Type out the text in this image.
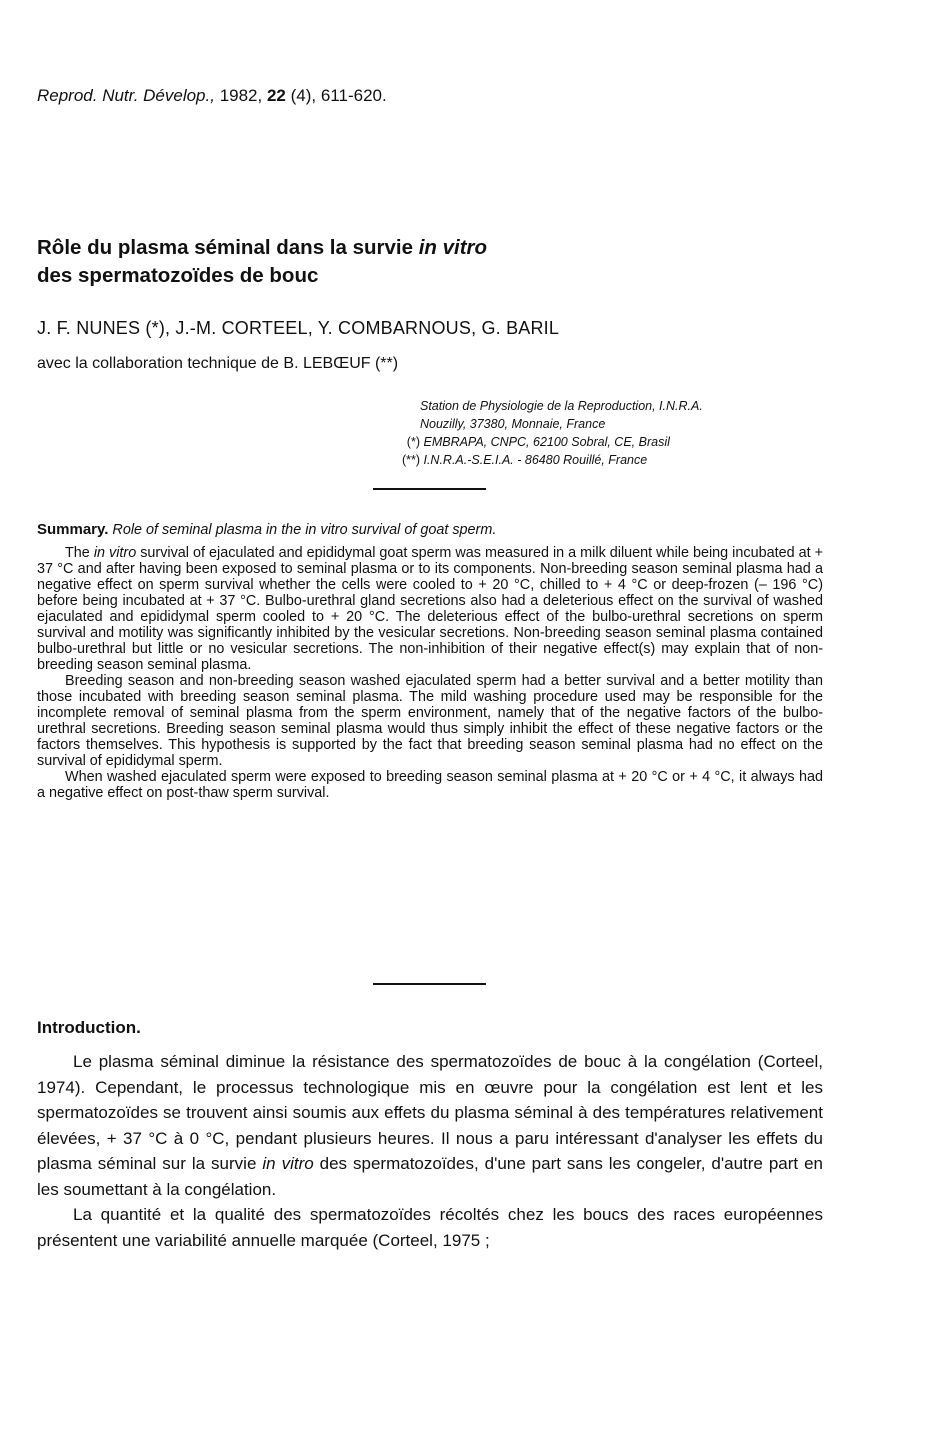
Reprod. Nutr. Dévelop., 1982, 22 (4), 611-620.
Rôle du plasma séminal dans la survie in vitro
des spermatozoïdes de bouc
J. F. NUNES (*), J.-M. CORTEEL, Y. COMBARNOUS, G. BARIL
avec la collaboration technique de B. LEBŒUF (**)
Station de Physiologie de la Reproduction, I.N.R.A.
Nouzilly, 37380, Monnaie, France
(*) EMBRAPA, CNPC, 62100 Sobral, CE, Brasil
(**) I.N.R.A.-S.E.I.A. - 86480 Rouillé, France
Summary. Role of seminal plasma in the in vitro survival of goat sperm.

The in vitro survival of ejaculated and epididymal goat sperm was measured in a milk diluent while being incubated at + 37 °C and after having been exposed to seminal plasma or to its components. Non-breeding season seminal plasma had a negative effect on sperm survival whether the cells were cooled to + 20 °C, chilled to + 4 °C or deep-frozen (– 196 °C) before being incubated at + 37 °C. Bulbo-urethral gland secretions also had a deleterious effect on the survival of washed ejaculated and epididymal sperm cooled to + 20 °C. The deleterious effect of the bulbo-urethral secretions on sperm survival and motility was significantly inhibited by the vesicular secretions. Non-breeding season seminal plasma contained bulbo-urethral but little or no vesicular secretions. The non-inhibition of their negative effect(s) may explain that of non-breeding season seminal plasma.

Breeding season and non-breeding season washed ejaculated sperm had a better survival and a better motility than those incubated with breeding season seminal plasma. The mild washing procedure used may be responsible for the incomplete removal of seminal plasma from the sperm environment, namely that of the negative factors of the bulbo-urethral secretions. Breeding season seminal plasma would thus simply inhibit the effect of these negative factors or the factors themselves. This hypothesis is supported by the fact that breeding season seminal plasma had no effect on the survival of epididymal sperm.

When washed ejaculated sperm were exposed to breeding season seminal plasma at + 20 °C or + 4 °C, it always had a negative effect on post-thaw sperm survival.

Introduction.

Le plasma séminal diminue la résistance des spermatozoïdes de bouc à la congélation (Corteel, 1974). Cependant, le processus technologique mis en œuvre pour la congélation est lent et les spermatozoïdes se trouvent ainsi soumis aux effets du plasma séminal à des températures relativement élevées, + 37 °C à 0 °C, pendant plusieurs heures. Il nous a paru intéressant d'analyser les effets du plasma séminal sur la survie in vitro des spermatozoïdes, d'une part sans les congeler, d'autre part en les soumettant à la congélation.

La quantité et la qualité des spermatozoïdes récoltés chez les boucs des races européennes présentent une variabilité annuelle marquée (Corteel, 1975 ;
